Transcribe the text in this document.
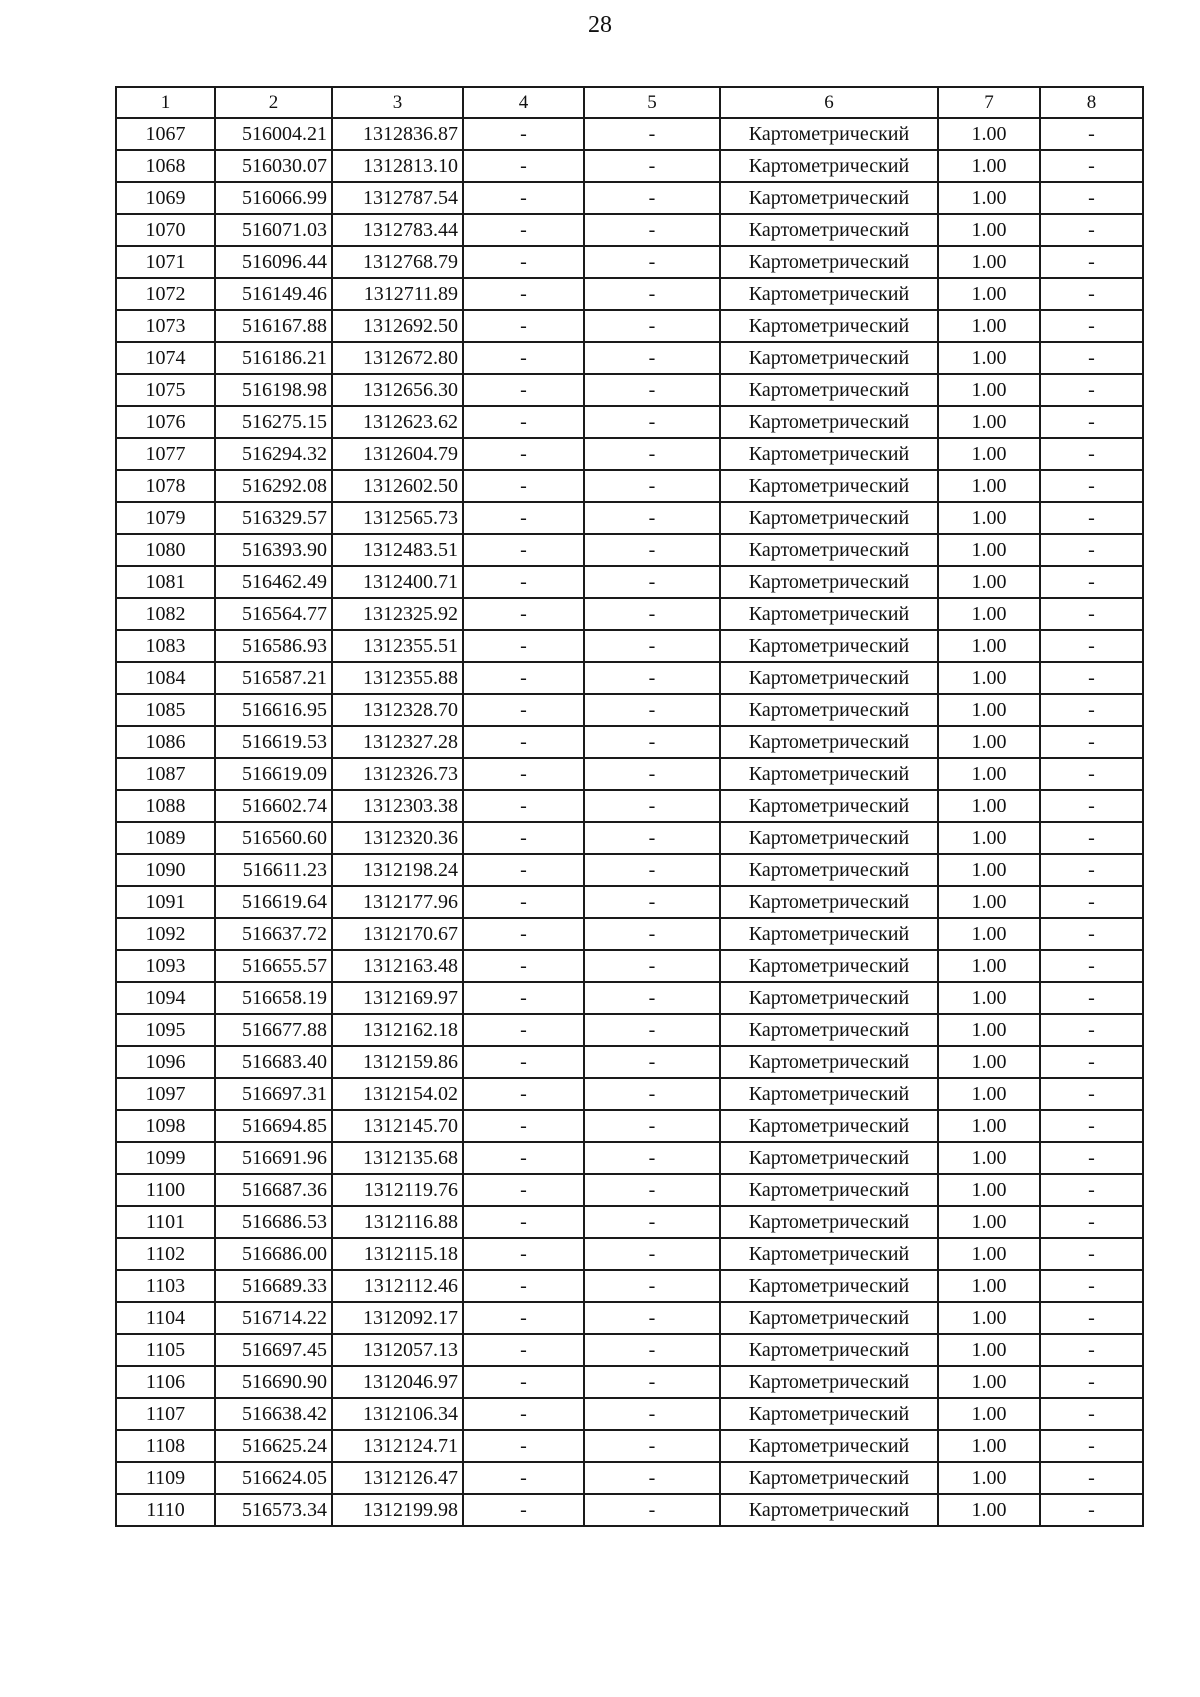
28
1	2	3	4	5	6	7	8
1067	516004.21	1312836.87	-	-	Картометрический	1.00	-
1068	516030.07	1312813.10	-	-	Картометрический	1.00	-
1069	516066.99	1312787.54	-	-	Картометрический	1.00	-
1070	516071.03	1312783.44	-	-	Картометрический	1.00	-
1071	516096.44	1312768.79	-	-	Картометрический	1.00	-
1072	516149.46	1312711.89	-	-	Картометрический	1.00	-
1073	516167.88	1312692.50	-	-	Картометрический	1.00	-
1074	516186.21	1312672.80	-	-	Картометрический	1.00	-
1075	516198.98	1312656.30	-	-	Картометрический	1.00	-
1076	516275.15	1312623.62	-	-	Картометрический	1.00	-
1077	516294.32	1312604.79	-	-	Картометрический	1.00	-
1078	516292.08	1312602.50	-	-	Картометрический	1.00	-
1079	516329.57	1312565.73	-	-	Картометрический	1.00	-
1080	516393.90	1312483.51	-	-	Картометрический	1.00	-
1081	516462.49	1312400.71	-	-	Картометрический	1.00	-
1082	516564.77	1312325.92	-	-	Картометрический	1.00	-
1083	516586.93	1312355.51	-	-	Картометрический	1.00	-
1084	516587.21	1312355.88	-	-	Картометрический	1.00	-
1085	516616.95	1312328.70	-	-	Картометрический	1.00	-
1086	516619.53	1312327.28	-	-	Картометрический	1.00	-
1087	516619.09	1312326.73	-	-	Картометрический	1.00	-
1088	516602.74	1312303.38	-	-	Картометрический	1.00	-
1089	516560.60	1312320.36	-	-	Картометрический	1.00	-
1090	516611.23	1312198.24	-	-	Картометрический	1.00	-
1091	516619.64	1312177.96	-	-	Картометрический	1.00	-
1092	516637.72	1312170.67	-	-	Картометрический	1.00	-
1093	516655.57	1312163.48	-	-	Картометрический	1.00	-
1094	516658.19	1312169.97	-	-	Картометрический	1.00	-
1095	516677.88	1312162.18	-	-	Картометрический	1.00	-
1096	516683.40	1312159.86	-	-	Картометрический	1.00	-
1097	516697.31	1312154.02	-	-	Картометрический	1.00	-
1098	516694.85	1312145.70	-	-	Картометрический	1.00	-
1099	516691.96	1312135.68	-	-	Картометрический	1.00	-
1100	516687.36	1312119.76	-	-	Картометрический	1.00	-
1101	516686.53	1312116.88	-	-	Картометрический	1.00	-
1102	516686.00	1312115.18	-	-	Картометрический	1.00	-
1103	516689.33	1312112.46	-	-	Картометрический	1.00	-
1104	516714.22	1312092.17	-	-	Картометрический	1.00	-
1105	516697.45	1312057.13	-	-	Картометрический	1.00	-
1106	516690.90	1312046.97	-	-	Картометрический	1.00	-
1107	516638.42	1312106.34	-	-	Картометрический	1.00	-
1108	516625.24	1312124.71	-	-	Картометрический	1.00	-
1109	516624.05	1312126.47	-	-	Картометрический	1.00	-
1110	516573.34	1312199.98	-	-	Картометрический	1.00	-
